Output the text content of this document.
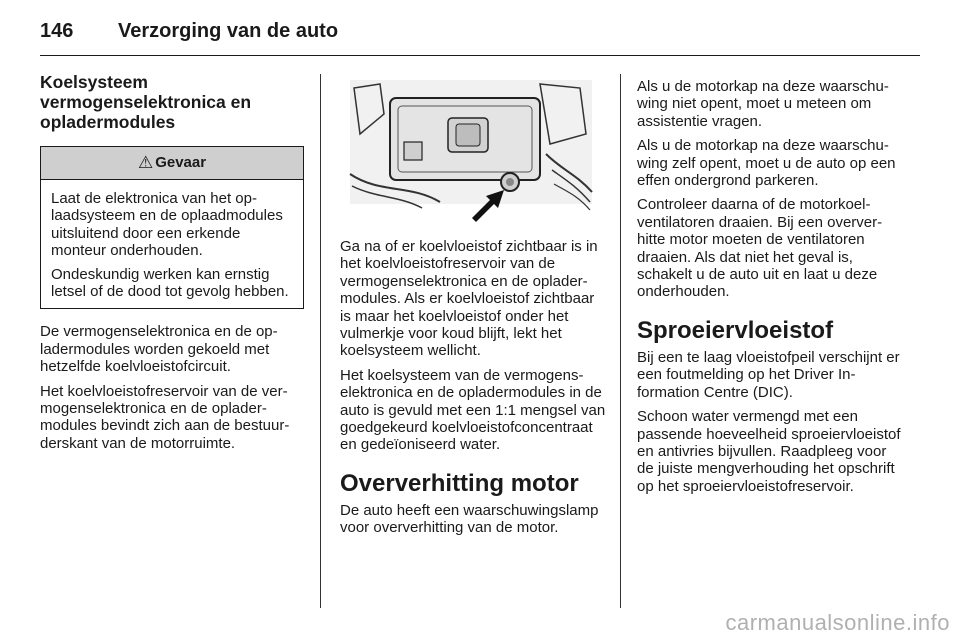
146 Verzorging van de auto
Koelsysteem
vermogenselektronica en
opladermodules
⚠ Gevaar

Laat de elektronica van het oplaadsysteem en de oplaadmodules uitsluitend door een erkende monteur onderhouden.

Ondeskundig werken kan ernstig letsel of de dood tot gevolg hebben.

De vermogenselektronica en de opladermodules worden gekoeld met hetzelfde koelvloeistofcircuit.

Het koelvloeistofreservoir van de vermogenselektronica en de opladermodules bevindt zich aan de bestuurderskant van de motorruimte.

Ga na of er koelvloeistof zichtbaar is in het koelvloeistofreservoir van de vermogenselektronica en de opladermodules. Als er koelvloeistof zichtbaar is maar het koelvloeistof onder het vulmerkje voor koud blijft, lekt het koelsysteem wellicht.

Het koelsysteem van de vermogenselektronica en de opladermodules in de auto is gevuld met een 1:1 mengsel van goedgekeurd koelvloeistofconcentraat en gedeïoniseerd water.

Oververhitting motor

De auto heeft een waarschuwingslamp voor oververhitting van de motor.

Als u de motorkap na deze waarschuwing niet opent, moet u meteen om assistentie vragen.

Als u de motorkap na deze waarschuwing zelf opent, moet u de auto op een effen ondergrond parkeren.

Controleer daarna of de motorkoelventilatoren draaien. Bij een oververhitte motor moeten de ventilatoren draaien. Als dat niet het geval is, schakelt u de auto uit en laat u deze onderhouden.

Sproeiervloeistof

Bij een te laag vloeistofpeil verschijnt er een foutmelding op het Driver Information Centre (DIC).

Schoon water vermengd met een passende hoeveelheid sproeiervloeistof en antivries bijvullen. Raadpleeg voor de juiste mengverhouding het opschrift op het sproeiervloeistofreservoir.

carmanualsonline.info
